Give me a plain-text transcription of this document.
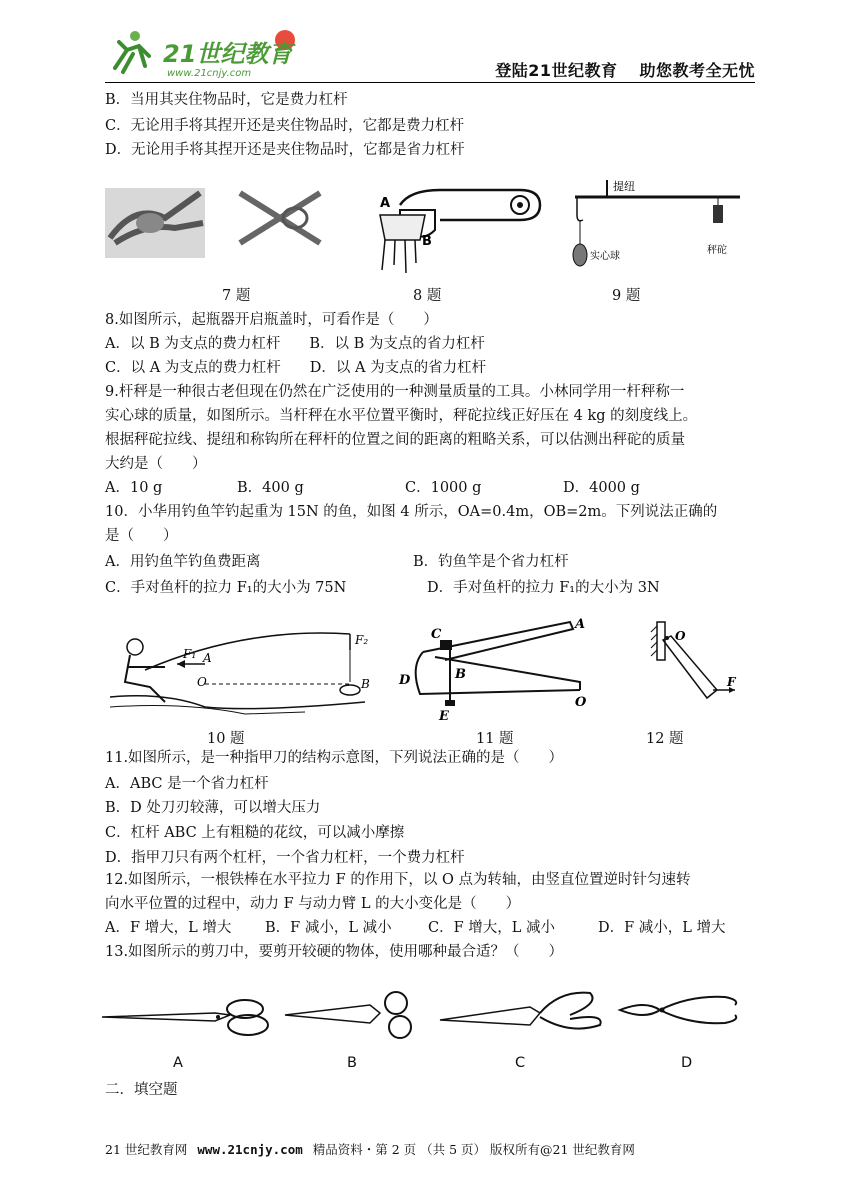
21世纪教育
www.21cnjy.com	登陆21世纪教育 助您教考全无忧
B．当用其夹住物品时，它是费力杠杆
C．无论用手将其捏开还是夹住物品时，它都是费力杠杆
D．无论用手将其捏开还是夹住物品时，它都是省力杠杆
A
B
提纽
实心球
秤砣
7 题	8 题	9 题
8.如图所示，起瓶器开启瓶盖时，可看作是（　　）
A．以 B 为支点的费力杠杆　　B．以 B 为支点的省力杠杆
C．以 A 为支点的费力杠杆　　D．以 A 为支点的省力杠杆
9.杆秤是一种很古老但现在仍然在广泛使用的一种测量质量的工具。小林同学用一杆秤称一
实心球的质量，如图所示。当杆秤在水平位置平衡时，秤砣拉线正好压在 4 kg 的刻度线上。
根据秤砣拉线、提纽和称钩所在秤杆的位置之间的距离的粗略关系，可以估测出秤砣的质量
大约是（　　）
A．10 g	B．400 g	C．1000 g	D．4000 g
10．小华用钓鱼竿钓起重为 15N 的鱼，如图 4 所示，OA=0.4m，OB=2m。下列说法正确的
是（　　）
A．用钓鱼竿钓鱼费距离	B．钓鱼竿是个省力杠杆
C．手对鱼杆的拉力 F₁的大小为 75N	D．手对鱼杆的拉力 F₁的大小为 3N
F₁ A
O
F₂
B
C
A
D	B
O
E
O
F
10 题	11 题	12 题
11.如图所示，是一种指甲刀的结构示意图，下列说法正确的是（　　）
A．ABC 是一个省力杠杆
B．D 处刀刃较薄，可以增大压力
C．杠杆 ABC 上有粗糙的花纹，可以减小摩擦
D．指甲刀只有两个杠杆，一个省力杠杆，一个费力杠杆
12.如图所示，一根铁棒在水平拉力 F 的作用下，以 O 点为转轴，由竖直位置逆时针匀速转
向水平位置的过程中，动力 F 与动力臂 L 的大小变化是（　　）
A．F 增大，L 增大 B．F 减小，L 减小	C．F 增大，L 减小	D．F 减小，L 增大
13.如图所示的剪刀中，要剪开较硬的物体，使用哪种最合适？（　　）
A	B	C	D
二．填空题
21 世纪教育网 www.21cnjy.com 精品资料・第 2 页 （共 5 页） 版权所有@21 世纪教育网
